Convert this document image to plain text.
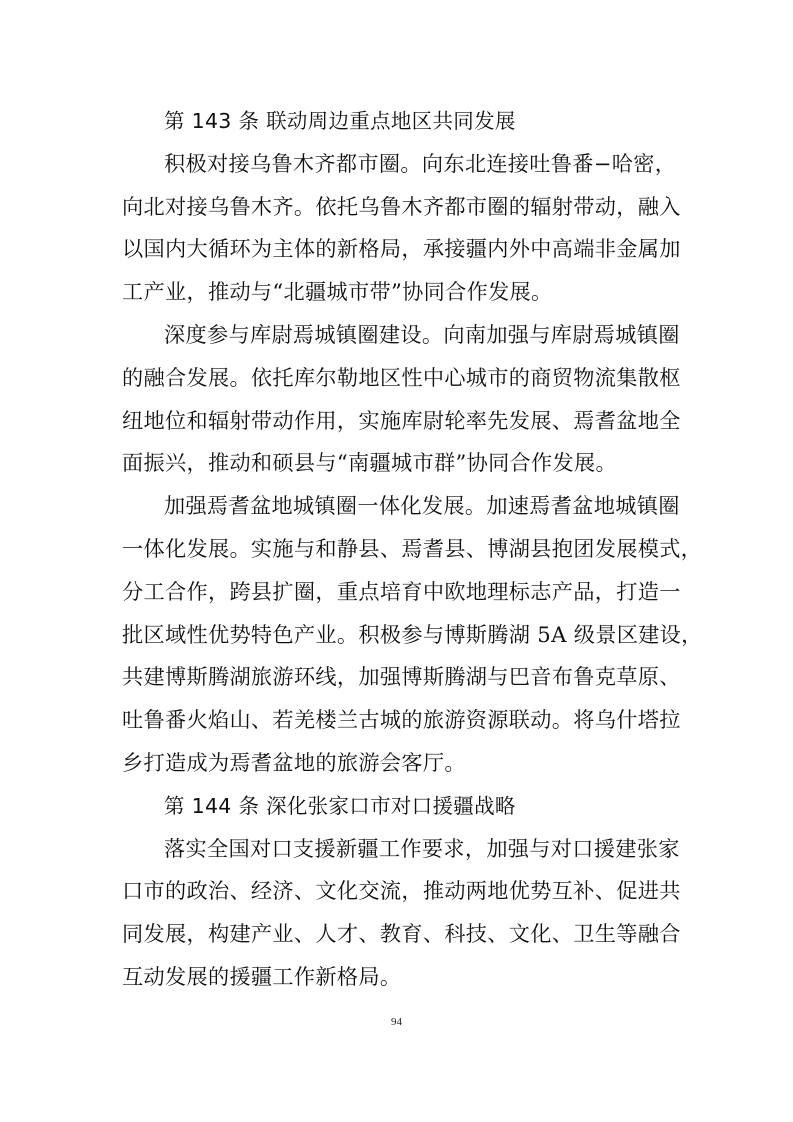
第 143 条 联动周边重点地区共同发展
积极对接乌鲁木齐都市圈。向东北连接吐鲁番−哈密，
向北对接乌鲁木齐。依托乌鲁木齐都市圈的辐射带动，融入
以国内大循环为主体的新格局，承接疆内外中高端非金属加
工产业，推动与“北疆城市带”协同合作发展。
深度参与库尉焉城镇圈建设。向南加强与库尉焉城镇圈
的融合发展。依托库尔勒地区性中心城市的商贸物流集散枢
纽地位和辐射带动作用，实施库尉轮率先发展、焉耆盆地全
面振兴，推动和硕县与“南疆城市群”协同合作发展。
加强焉耆盆地城镇圈一体化发展。加速焉耆盆地城镇圈
一体化发展。实施与和静县、焉耆县、博湖县抱团发展模式，
分工合作，跨县扩圈，重点培育中欧地理标志产品，打造一
批区域性优势特色产业。积极参与博斯腾湖 5A 级景区建设，
共建博斯腾湖旅游环线，加强博斯腾湖与巴音布鲁克草原、
吐鲁番火焰山、若羌楼兰古城的旅游资源联动。将乌什塔拉
乡打造成为焉耆盆地的旅游会客厅。
第 144 条 深化张家口市对口援疆战略
落实全国对口支援新疆工作要求，加强与对口援建张家
口市的政治、经济、文化交流，推动两地优势互补、促进共
同发展，构建产业、人才、教育、科技、文化、卫生等融合
互动发展的援疆工作新格局。
94
